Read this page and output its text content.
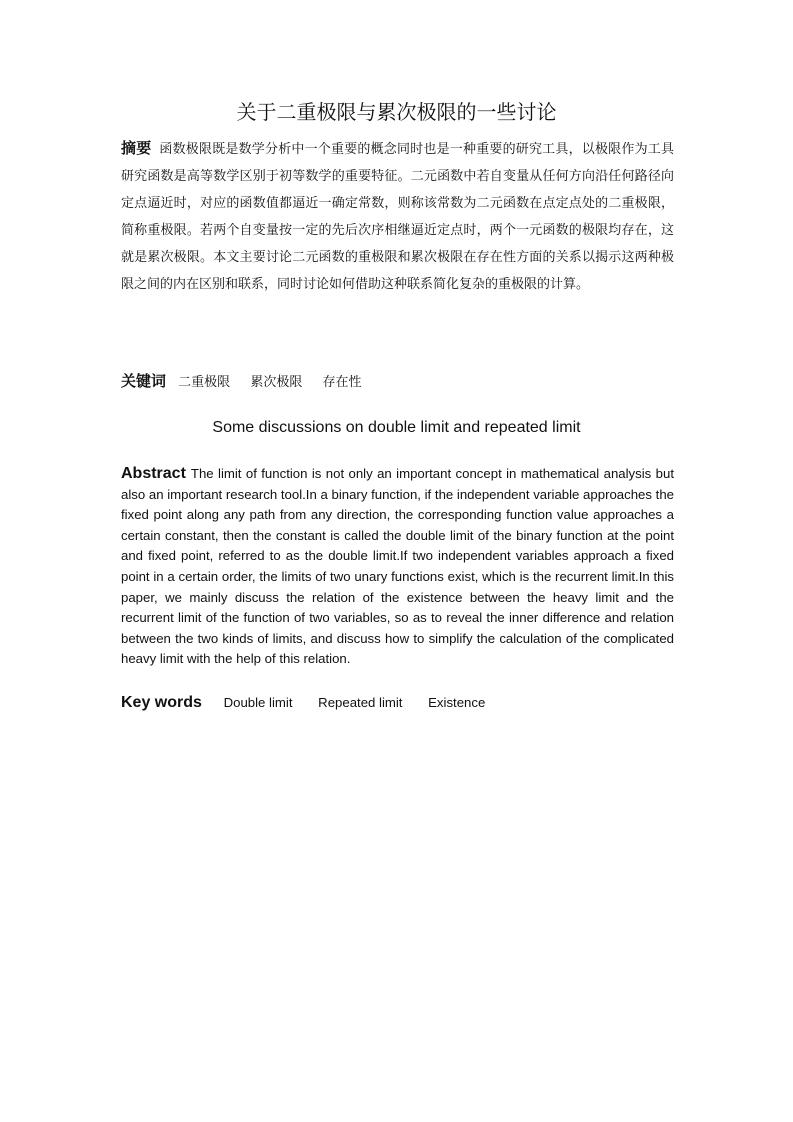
关于二重极限与累次极限的一些讨论
摘要 函数极限既是数学分析中一个重要的概念同时也是一种重要的研究工具，以极限作为工具研究函数是高等数学区别于初等数学的重要特征。二元函数中若自变量从任何方向沿任何路径向定点逼近时，对应的函数值都逼近一确定常数，则称该常数为二元函数在点定点处的二重极限，简称重极限。若两个自变量按一定的先后次序相继逼近定点时，两个一元函数的极限均存在，这就是累次极限。本文主要讨论二元函数的重极限和累次极限在存在性方面的关系以揭示这两种极限之间的内在区别和联系，同时讨论如何借助这种联系简化复杂的重极限的计算。
关键词 二重极限 累次极限 存在性
Some discussions on double limit and repeated limit
Abstract The limit of function is not only an important concept in mathematical analysis but also an important research tool.In a binary function, if the independent variable approaches the fixed point along any path from any direction, the corresponding function value approaches a certain constant, then the constant is called the double limit of the binary function at the point and fixed point, referred to as the double limit.If two independent variables approach a fixed point in a certain order, the limits of two unary functions exist, which is the recurrent limit.In this paper, we mainly discuss the relation of the existence between the heavy limit and the recurrent limit of the function of two variables, so as to reveal the inner difference and relation between the two kinds of limits, and discuss how to simplify the calculation of the complicated heavy limit with the help of this relation.
Key words Double limit Repeated limit Existence
